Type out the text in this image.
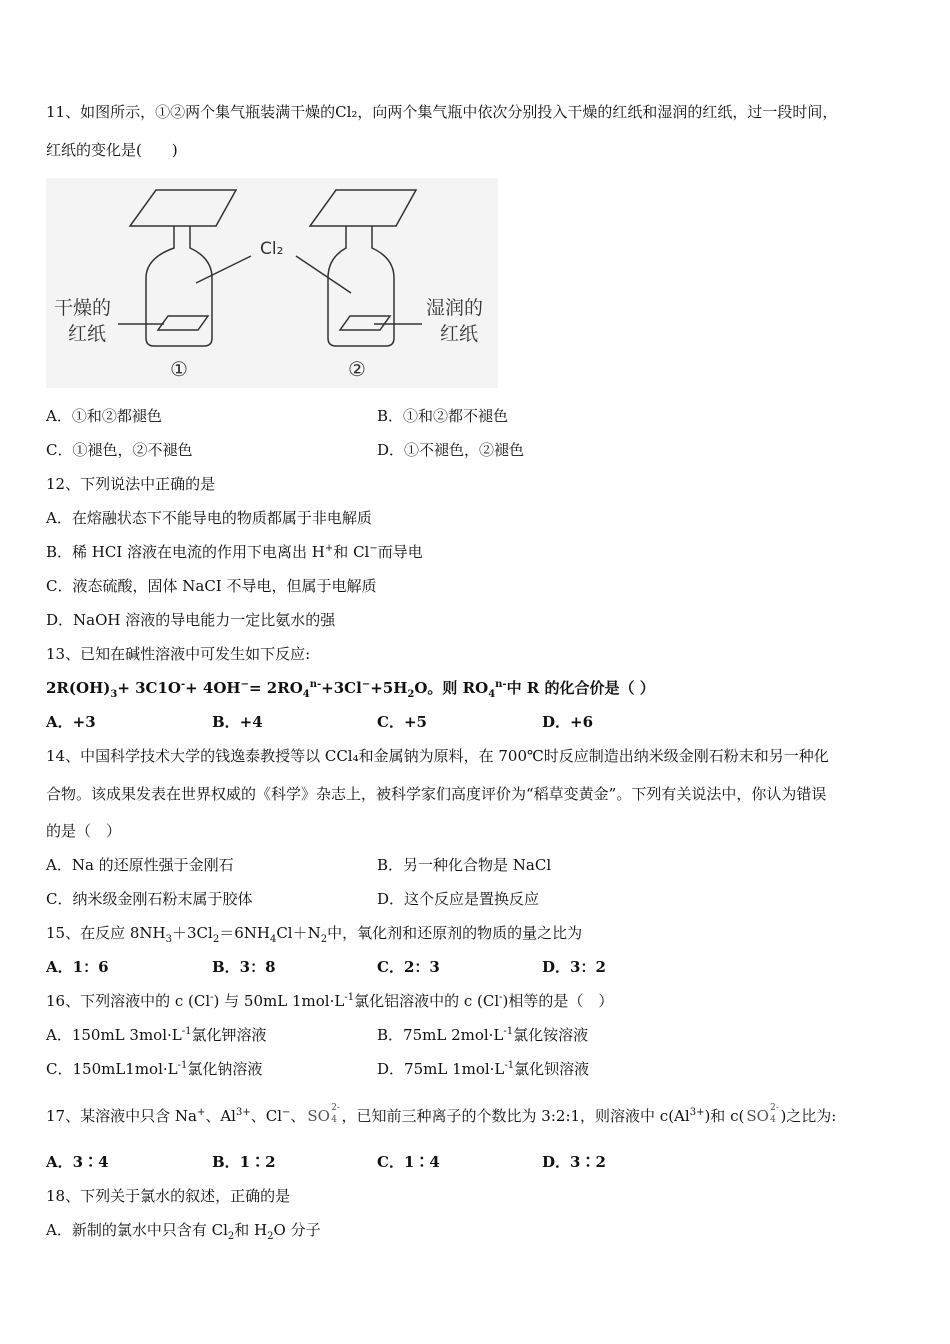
11、如图所示，①②两个集气瓶装满干燥的Cl₂，向两个集气瓶中依次分别投入干燥的红纸和湿润的红纸，过一段时间，
红纸的变化是(　　)
Cl₂
干燥的
红纸
湿润的
红纸
①	②
A．①和②都褪色	B．①和②都不褪色
C．①褪色，②不褪色	D．①不褪色，②褪色
12、下列说法中正确的是
A．在熔融状态下不能导电的物质都属于非电解质
B．稀 HCI 溶液在电流的作用下电离出 H+和 Cl−而导电
C．液态硫酸，固体 NaCI 不导电，但属于电解质
D．NaOH 溶液的导电能力一定比氨水的强
13、已知在碱性溶液中可发生如下反应:
$2R(OH)_3+ 3C1O^-+ 4OH^-= 2RO_4^{n-}+3Cl^-+5H_2O$。则 $RO_4^{n-}$中 R 的化合价是（ ）
A．+3	B．+4	C．+5	D．+6
14、中国科学技术大学的钱逸泰教授等以 CCl₄和金属钠为原料，在 700℃时反应制造出纳米级金刚石粉末和另一种化
合物。该成果发表在世界权威的《科学》杂志上，被科学家们高度评价为“稻草变黄金”。下列有关说法中，你认为错误
的是（　）
A．Na 的还原性强于金刚石	B．另一种化合物是 NaCl
C．纳米级金刚石粉末属于胶体	D．这个反应是置换反应
15、在反应 $8NH_3+3Cl_2=6NH_4Cl+N_2$中，氧化剂和还原剂的物质的量之比为
A．1：6	B．3：8	C．2：3	D．3：2
16、下列溶液中的 c (Cl-) 与 50mL $1mol\cdot L^{-1}$氯化铝溶液中的 c (Cl-)相等的是（　）
A．150mL $3mol\cdot L^{-1}$氯化钾溶液	B．75mL $2mol\cdot L^{-1}$氯化铵溶液
C．$150mL1mol\cdot L^{-1}$氯化钠溶液	D．75mL $1mol\cdot L^{-1}$氯化钡溶液
17、某溶液中只含 Na+、$Al^{3+}$、Cl−、 SO 2-
4 ，已知前三种离子的个数比为 3:2:1，则溶液中 $c(Al^{3+})$和 c( SO 2-
4 )之比为:
A．3∶4	B．1∶2	C．1∶4	D．3∶2
18、下列关于氯水的叙述，正确的是
A．新制的氯水中只含有 $Cl_2$和 $H_2O$ 分子
